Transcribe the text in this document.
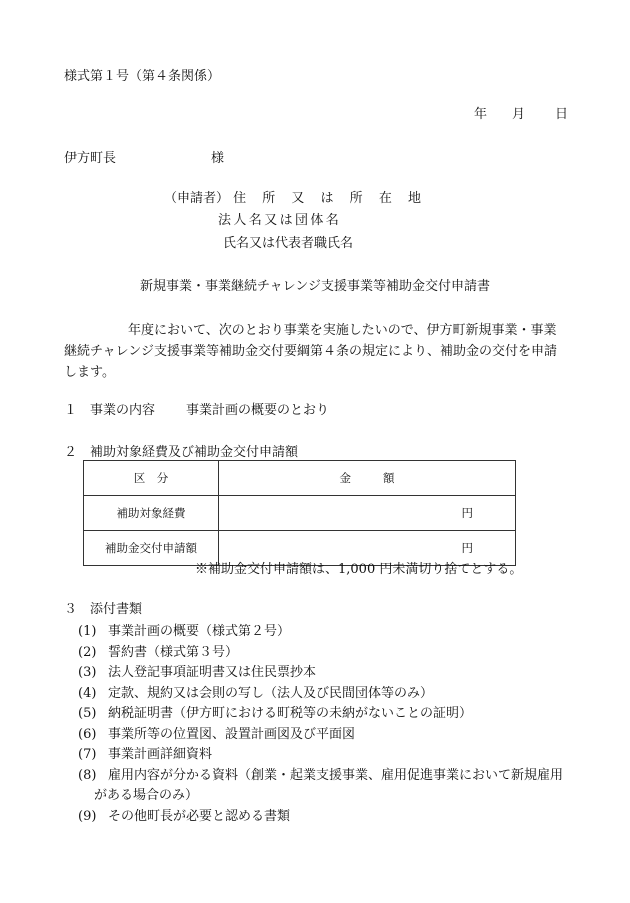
様式第１号（第４条関係）
年 月 日
伊方町長	様
（申請者） 住 所 又 は 所 在 地
法人名又は団体名
氏名又は代表者職氏名
新規事業・事業継続チャレンジ支援事業等補助金交付申請書

年度において、次のとおり事業を実施したいので、伊方町新規事業・事業
継続チャレンジ支援事業等補助金交付要綱第４条の規定により、補助金の交付を申請
します。

１ 事業の内容 事業計画の概要のとおり
２ 補助対象経費及び補助金交付申請額
区　分	金 額
補助対象経費	円
補助金交付申請額	円
※補助金交付申請額は、1,000 円未満切り捨てとする。
３ 添付書類
(1) 事業計画の概要（様式第２号）
(2) 誓約書（様式第３号）
(3) 法人登記事項証明書又は住民票抄本
(4) 定款、規約又は会則の写し（法人及び民間団体等のみ）
(5) 納税証明書（伊方町における町税等の未納がないことの証明）
(6) 事業所等の位置図、設置計画図及び平面図
(7) 事業計画詳細資料
(8) 雇用内容が分かる資料（創業・起業支援事業、雇用促進事業において新規雇用
がある場合のみ）
(9) その他町長が必要と認める書類
